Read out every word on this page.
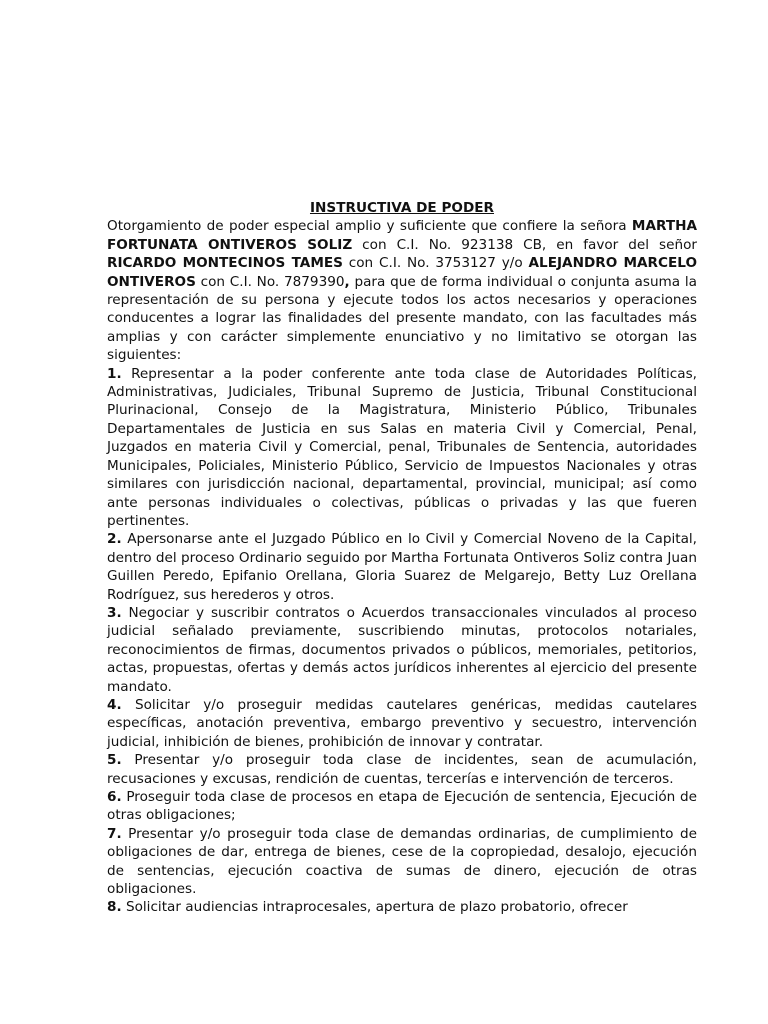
INSTRUCTIVA DE PODER

Otorgamiento de poder especial amplio y suficiente que confiere la señora MARTHA FORTUNATA ONTIVEROS SOLIZ con C.I. No. 923138 CB, en favor del señor RICARDO MONTECINOS TAMES con C.I. No. 3753127 y/o ALEJANDRO MARCELO ONTIVEROS con C.I. No. 7879390, para que de forma individual o conjunta asuma la representación de su persona y ejecute todos los actos necesarios y operaciones conducentes a lograr las finalidades del presente mandato, con las facultades más amplias y con carácter simplemente enunciativo y no limitativo se otorgan las siguientes:

1. Representar a la poder conferente ante toda clase de Autoridades Políticas, Administrativas, Judiciales, Tribunal Supremo de Justicia, Tribunal Constitucional Plurinacional, Consejo de la Magistratura, Ministerio Público, Tribunales Departamentales de Justicia en sus Salas en materia Civil y Comercial, Penal, Juzgados en materia Civil y Comercial, penal, Tribunales de Sentencia, autoridades Municipales, Policiales, Ministerio Público, Servicio de Impuestos Nacionales y otras similares con jurisdicción nacional, departamental, provincial, municipal; así como ante personas individuales o colectivas, públicas o privadas y las que fueren pertinentes.

2. Apersonarse ante el Juzgado Público en lo Civil y Comercial Noveno de la Capital, dentro del proceso Ordinario seguido por Martha Fortunata Ontiveros Soliz contra Juan Guillen Peredo, Epifanio Orellana, Gloria Suarez de Melgarejo, Betty Luz Orellana Rodríguez, sus herederos y otros.

3. Negociar y suscribir contratos o Acuerdos transaccionales vinculados al proceso judicial señalado previamente, suscribiendo minutas, protocolos notariales, reconocimientos de firmas, documentos privados o públicos, memoriales, petitorios, actas, propuestas, ofertas y demás actos jurídicos inherentes al ejercicio del presente mandato.

4. Solicitar y/o proseguir medidas cautelares genéricas, medidas cautelares específicas, anotación preventiva, embargo preventivo y secuestro, intervención judicial, inhibición de bienes, prohibición de innovar y contratar.

5. Presentar y/o proseguir toda clase de incidentes, sean de acumulación, recusaciones y excusas, rendición de cuentas, tercerías e intervención de terceros.

6. Proseguir toda clase de procesos en etapa de Ejecución de sentencia, Ejecución de otras obligaciones;

7. Presentar y/o proseguir toda clase de demandas ordinarias, de cumplimiento de obligaciones de dar, entrega de bienes, cese de la copropiedad, desalojo, ejecución de sentencias, ejecución coactiva de sumas de dinero, ejecución de otras obligaciones.

8. Solicitar audiencias intraprocesales, apertura de plazo probatorio, ofrecer
